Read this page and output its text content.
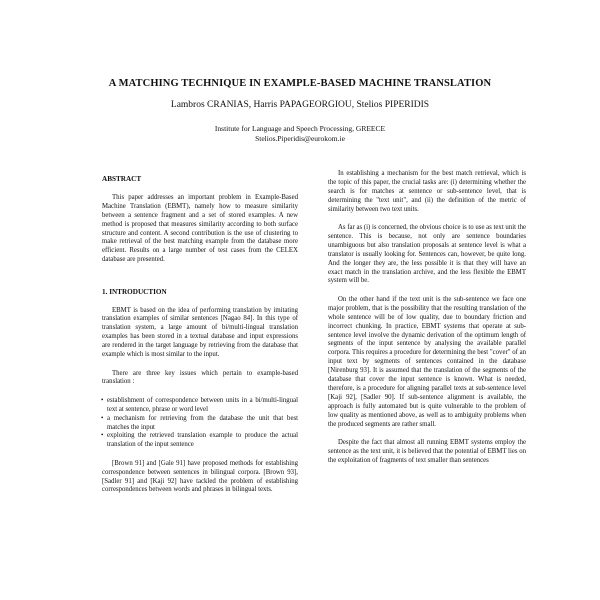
A MATCHING TECHNIQUE IN EXAMPLE-BASED MACHINE TRANSLATION
Lambros CRANIAS, Harris PAPAGEORGIOU, Stelios PIPERIDIS
Institute for Language and Speech Processing, GREECE
Stelios.Piperidis@eurokom.ie
ABSTRACT

This paper addresses an important problem in Example-Based Machine Translation (EBMT), namely how to measure similarity between a sentence fragment and a set of stored examples. A new method is proposed that measures similarity according to both surface structure and content. A second contribution is the use of clustering to make retrieval of the best matching example from the database more efficient. Results on a large number of test cases from the CELEX database are presented.

1. INTRODUCTION

EBMT is based on the idea of performing translation by imitating translation examples of similar sentences [Nagao 84]. In this type of translation system, a large amount of bi/multi-lingual translation examples has been stored in a textual database and input expressions are rendered in the target language by retrieving from the database that example which is most similar to the input.

There are three key issues which pertain to example-based translation :

• establishment of correspondence between units in a bi/multi-lingual text at sentence, phrase or word level
• a mechanism for retrieving from the database the unit that best matches the input
• exploiting the retrieved translation example to produce the actual translation of the input sentence

[Brown 91] and [Gale 91] have proposed methods for establishing correspondence between sentences in bilingual corpora. [Brown 93], [Sadler 91] and [Kaji 92] have tackled the problem of establishing correspondences between words and phrases in bilingual texts.

In establishing a mechanism for the best match retrieval, which is the topic of this paper, the crucial tasks are: (i) determining whether the search is for matches at sentence or sub-sentence level, that is determining the "text unit", and (ii) the definition of the metric of similarity between two text units.

As far as (i) is concerned, the obvious choice is to use as text unit the sentence. This is because, not only are sentence boundaries unambiguous but also translation proposals at sentence level is what a translator is usually looking for. Sentences can, however, be quite long. And the longer they are, the less possible it is that they will have an exact match in the translation archive, and the less flexible the EBMT system will be.

On the other hand if the text unit is the sub-sentence we face one major problem, that is the possibility that the resulting translation of the whole sentence will be of low quality, due to boundary friction and incorrect chunking. In practice, EBMT systems that operate at sub-sentence level involve the dynamic derivation of the optimum length of segments of the input sentence by analysing the available parallel corpora. This requires a procedure for determining the best "cover" of an input text by segments of sentences contained in the database [Nirenburg 93]. It is assumed that the translation of the segments of the database that cover the input sentence is known. What is needed, therefore, is a procedure for aligning parallel texts at sub-sentence level [Kaji 92], [Sadler 90]. If sub-sentence alignment is available, the approach is fully automated but is quite vulnerable to the problem of low quality as mentioned above, as well as to ambiguity problems when the produced segments are rather small.

Despite the fact that almost all running EBMT systems employ the sentence as the text unit, it is believed that the potential of EBMT lies on the exploitation of fragments of text smaller than sentences
